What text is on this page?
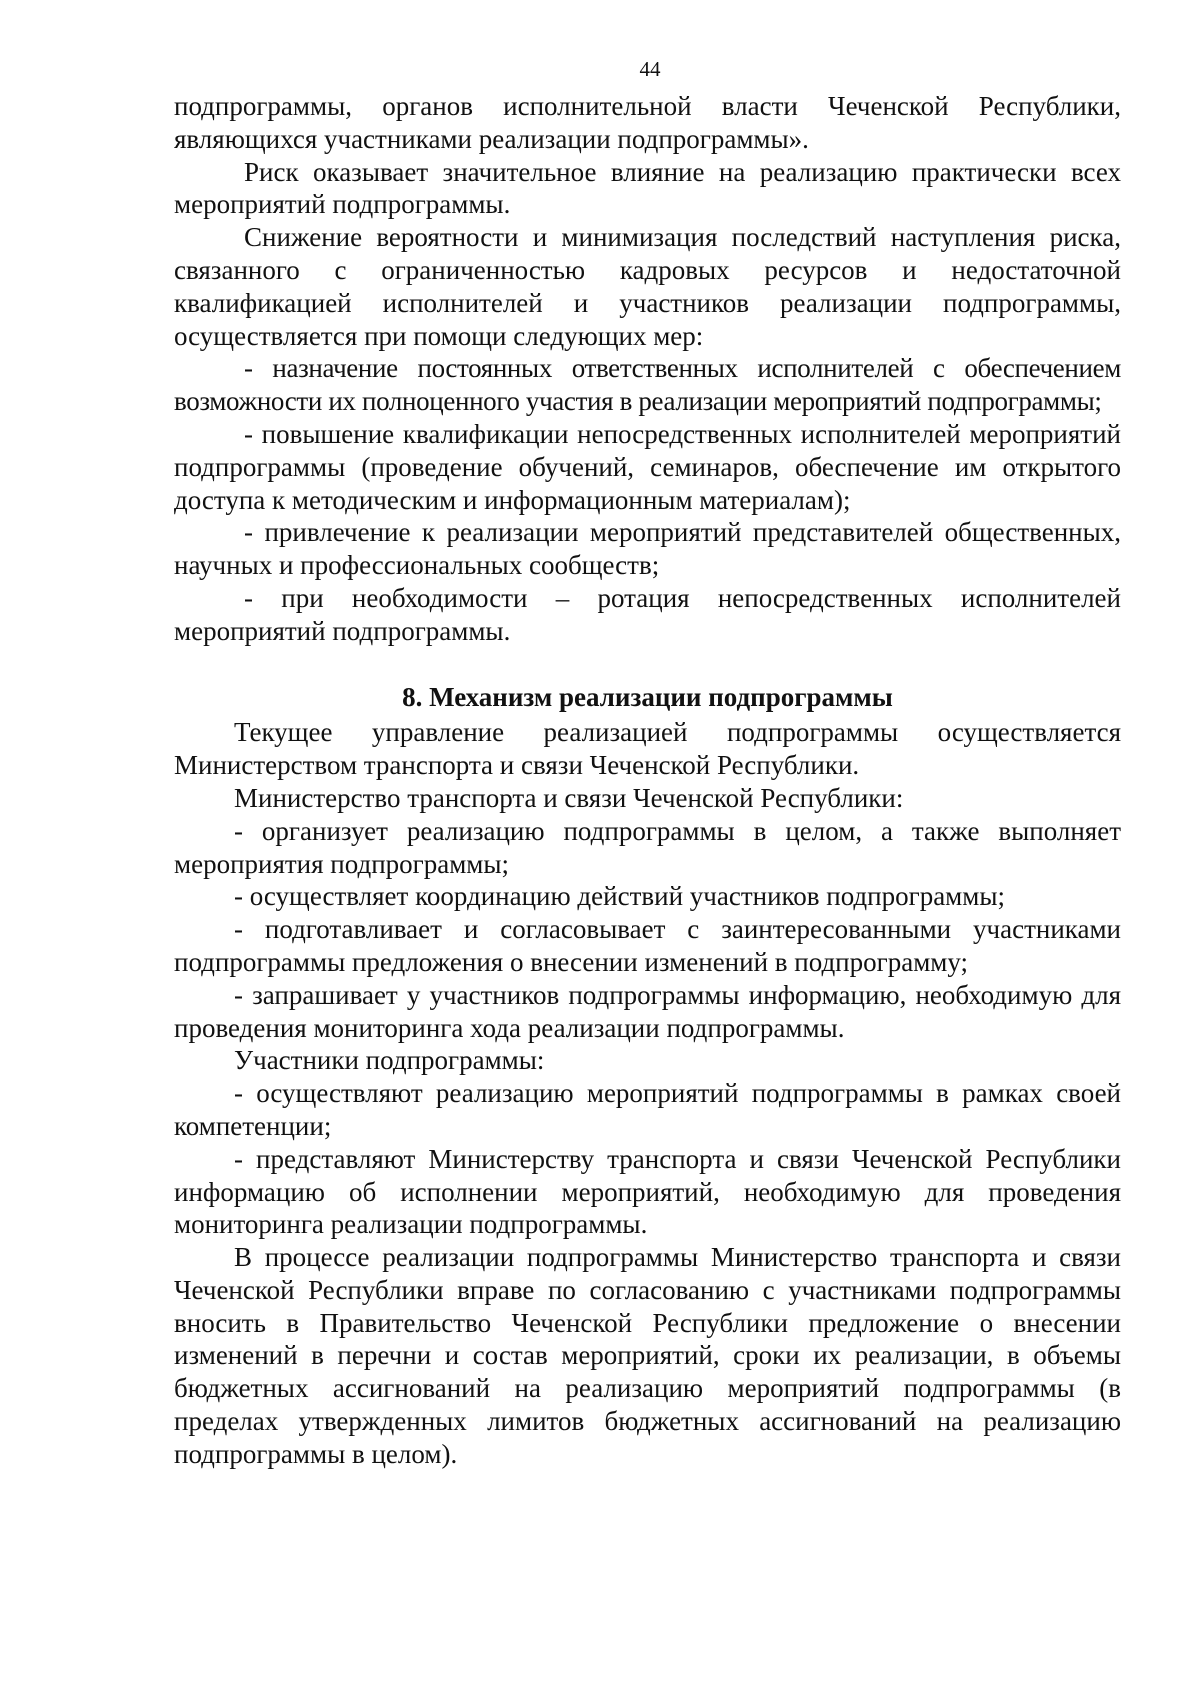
44

подпрограммы, органов исполнительной власти Чеченской Республики, являющихся участниками реализации подпрограммы».

Риск оказывает значительное влияние на реализацию практически всех мероприятий подпрограммы.

Снижение вероятности и минимизация последствий наступления риска, связанного с ограниченностью кадровых ресурсов и недостаточной квалификацией исполнителей и участников реализации подпрограммы, осуществляется при помощи следующих мер:

- назначение постоянных ответственных исполнителей с обеспечением возможности их полноценного участия в реализации мероприятий подпрограммы;

- повышение квалификации непосредственных исполнителей мероприятий подпрограммы (проведение обучений, семинаров, обеспечение им открытого доступа к методическим и информационным материалам);

- привлечение к реализации мероприятий представителей общественных, научных и профессиональных сообществ;

- при необходимости – ротация непосредственных исполнителей мероприятий подпрограммы.

8. Механизм реализации подпрограммы

Текущее управление реализацией подпрограммы осуществляется Министерством транспорта и связи Чеченской Республики.

Министерство транспорта и связи Чеченской Республики:

- организует реализацию подпрограммы в целом, а также выполняет мероприятия подпрограммы;

- осуществляет координацию действий участников подпрограммы;

- подготавливает и согласовывает с заинтересованными участниками подпрограммы предложения о внесении изменений в подпрограмму;

- запрашивает у участников подпрограммы информацию, необходимую для проведения мониторинга хода реализации подпрограммы.

Участники подпрограммы:

- осуществляют реализацию мероприятий подпрограммы в рамках своей компетенции;

- представляют Министерству транспорта и связи Чеченской Республики информацию об исполнении мероприятий, необходимую для проведения мониторинга реализации подпрограммы.

В процессе реализации подпрограммы Министерство транспорта и связи Чеченской Республики вправе по согласованию с участниками подпрограммы вносить в Правительство Чеченской Республики предложение о внесении изменений в перечни и состав мероприятий, сроки их реализации, в объемы бюджетных ассигнований на реализацию мероприятий подпрограммы (в пределах утвержденных лимитов бюджетных ассигнований на реализацию подпрограммы в целом).
